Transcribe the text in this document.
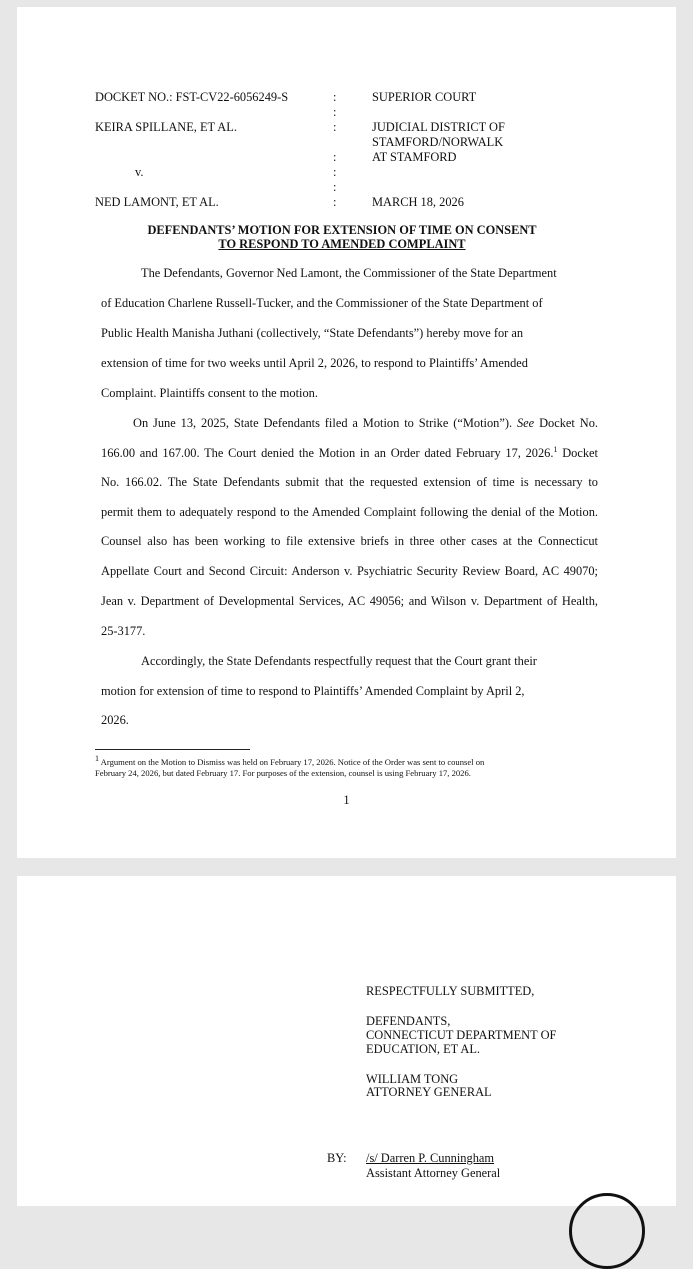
DOCKET NO.: FST-CV22-6056249-S
KEIRA SPILLANE, ET AL.
v.
NED LAMONT, ET AL.
:
:
:
:
:
:
:
SUPERIOR COURT
JUDICIAL DISTRICT OF
STAMFORD/NORWALK
AT STAMFORD
MARCH 18, 2026
DEFENDANTS’ MOTION FOR EXTENSION OF TIME ON CONSENT
TO RESPOND TO AMENDED COMPLAINT
The Defendants, Governor Ned Lamont, the Commissioner of the State Department
of Education Charlene Russell-Tucker, and the Commissioner of the State Department of
Public Health Manisha Juthani (collectively, “State Defendants”) hereby move for an
extension of time for two weeks until April 2, 2026, to respond to Plaintiffs’ Amended
Complaint. Plaintiffs consent to the motion.
On June 13, 2025, State Defendants filed a Motion to Strike (“Motion”). See Docket No.
166.00 and 167.00. The Court denied the Motion in an Order dated February 17, 2026.$^1$ Docket
No. 166.02. The State Defendants submit that the requested extension of time is necessary to
permit them to adequately respond to the Amended Complaint following the denial of the Motion.
Counsel also has been working to file extensive briefs in three other cases at the Connecticut
Appellate Court and Second Circuit: Anderson v. Psychiatric Security Review Board, AC 49070;
Jean v. Department of Developmental Services, AC 49056; and Wilson v. Department of Health,
25-3177.
Accordingly, the State Defendants respectfully request that the Court grant their
motion for extension of time to respond to Plaintiffs’ Amended Complaint by April 2,
2026.
$^1$ Argument on the Motion to Dismiss was held on February 17, 2026. Notice of the Order was sent to counsel on
February 24, 2026, but dated February 17. For purposes of the extension, counsel is using February 17, 2026.
1
RESPECTFULLY SUBMITTED,
DEFENDANTS,
CONNECTICUT DEPARTMENT OF
EDUCATION, ET AL.
WILLIAM TONG
ATTORNEY GENERAL
BY: /s/ Darren P. Cunningham
Assistant Attorney General
